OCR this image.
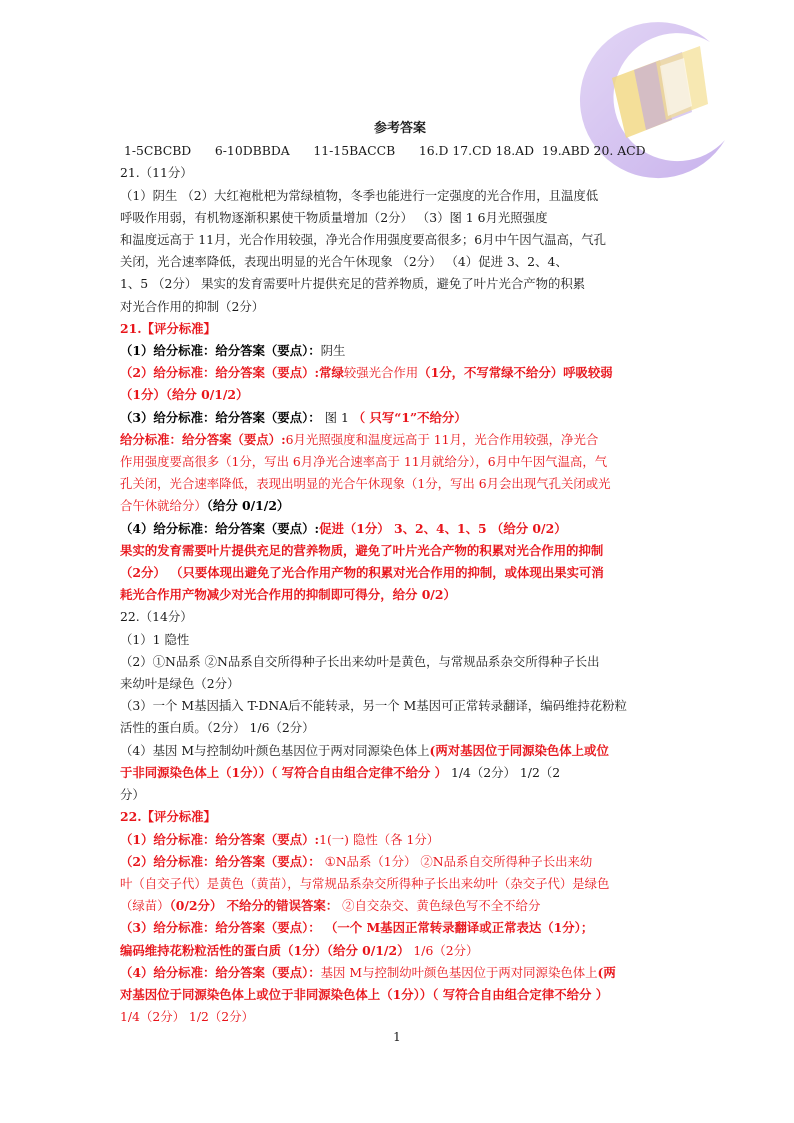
参考答案
1-5CBCBD      6-10DBBDA      11-15BACCB      16.D 17.CD 18.AD  19.ABD 20. ACD
21.（11分）
（1）阴生 （2）大红袍枇杷为常绿植物，冬季也能进行一定强度的光合作用，且温度低
呼吸作用弱，有机物逐渐积累使干物质量增加（2分） （3）图 1 6月光照强度
和温度远高于 11月，光合作用较强，净光合作用强度要高很多；6月中午因气温高，气孔
关闭，光合速率降低，表现出明显的光合午休现象 （2分） （4）促进 3、2、4、
1、5 （2分） 果实的发育需要叶片提供充足的营养物质，避免了叶片光合产物的积累
对光合作用的抑制（2分）
21.【评分标准】
（1）给分标准：给分答案（要点）：阴生
（2）给分标准：给分答案（要点）:常绿较强光合作用（1分，不写常绿不给分）呼吸较弱
（1分）（给分 0/1/2）
（3）给分标准：给分答案（要点）： 图 1 （ 只写“1”不给分）
给分标准：给分答案（要点）:6月光照强度和温度远高于 11月，光合作用较强，净光合
作用强度要高很多（1分，写出 6月净光合速率高于 11月就给分），6月中午因气温高，气
孔关闭，光合速率降低，表现出明显的光合午休现象（1分，写出 6月会出现气孔关闭或光
合午休就给分）（给分 0/1/2）
（4）给分标准：给分答案（要点）:促进（1分） 3、2、4、1、5 （给分 0/2）
果实的发育需要叶片提供充足的营养物质，避免了叶片光合产物的积累对光合作用的抑制
（2分） （只要体现出避免了光合作用产物的积累对光合作用的抑制，或体现出果实可消
耗光合作用产物减少对光合作用的抑制即可得分，给分 0/2）
22.（14分）
（1）1 隐性
（2）①N品系 ②N品系自交所得种子长出来幼叶是黄色，与常规品系杂交所得种子长出
来幼叶是绿色（2分）
（3）一个 M基因插入 T-DNA后不能转录，另一个 M基因可正常转录翻译，编码维持花粉粒
活性的蛋白质。（2分） 1/6（2分）
（4）基因 M与控制幼叶颜色基因位于两对同源染色体上(两对基因位于同源染色体上或位
于非同源染色体上（1分））（ 写符合自由组合定律不给分 ） 1/4（2分） 1/2（2
分）
22.【评分标准】
（1）给分标准：给分答案（要点）:1(一) 隐性（各 1分）
（2）给分标准：给分答案（要点）： ①N品系（1分） ②N品系自交所得种子长出来幼
叶（自交子代）是黄色（黄苗），与常规品系杂交所得种子长出来幼叶（杂交子代）是绿色
（绿苗）（0/2分） 不给分的错误答案： ②自交杂交、黄色绿色写不全不给分
（3）给分标准：给分答案（要点）： （一个 M基因正常转录翻译或正常表达（1分）；
编码维持花粉粒活性的蛋白质（1分）（给分 0/1/2） 1/6（2分）
（4）给分标准：给分答案（要点）：基因 M与控制幼叶颜色基因位于两对同源染色体上(两
对基因位于同源染色体上或位于非同源染色体上（1分））（ 写符合自由组合定律不给分 ）
1/4（2分） 1/2（2分）
1
